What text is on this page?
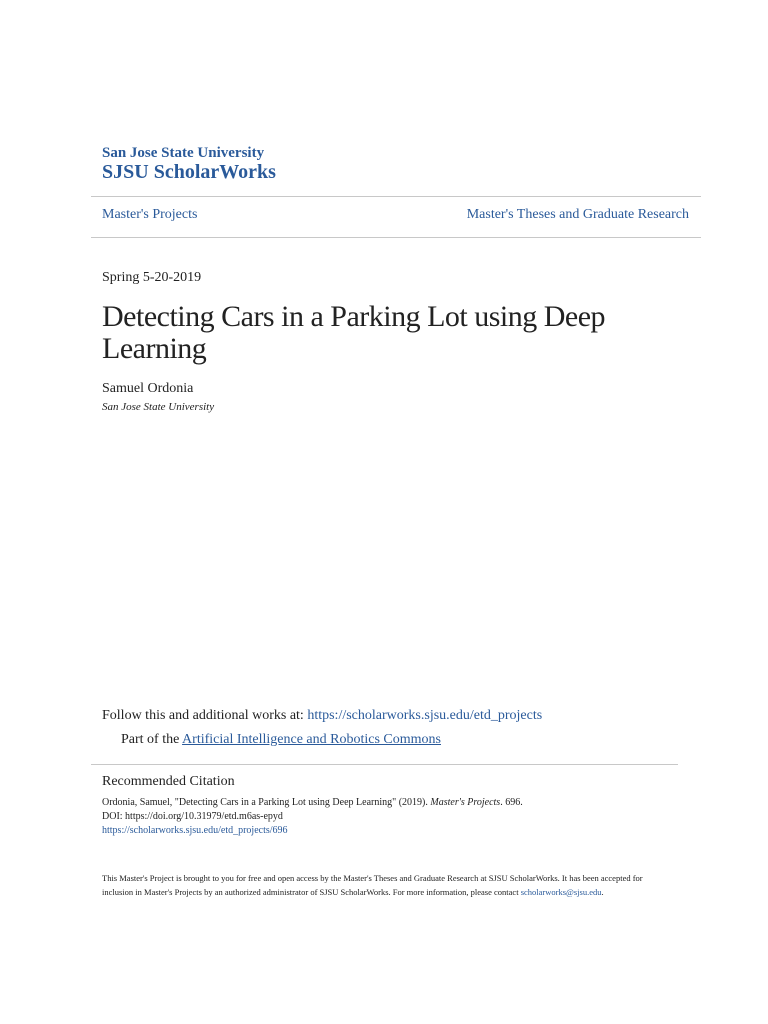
San Jose State University
SJSU ScholarWorks
Master's Projects	Master's Theses and Graduate Research
Spring 5-20-2019
Detecting Cars in a Parking Lot using Deep Learning
Samuel Ordonia
San Jose State University
Follow this and additional works at: https://scholarworks.sjsu.edu/etd_projects
Part of the Artificial Intelligence and Robotics Commons
Recommended Citation
Ordonia, Samuel, "Detecting Cars in a Parking Lot using Deep Learning" (2019). Master's Projects. 696.
DOI: https://doi.org/10.31979/etd.m6as-epyd
https://scholarworks.sjsu.edu/etd_projects/696
This Master's Project is brought to you for free and open access by the Master's Theses and Graduate Research at SJSU ScholarWorks. It has been accepted for inclusion in Master's Projects by an authorized administrator of SJSU ScholarWorks. For more information, please contact scholarworks@sjsu.edu.
